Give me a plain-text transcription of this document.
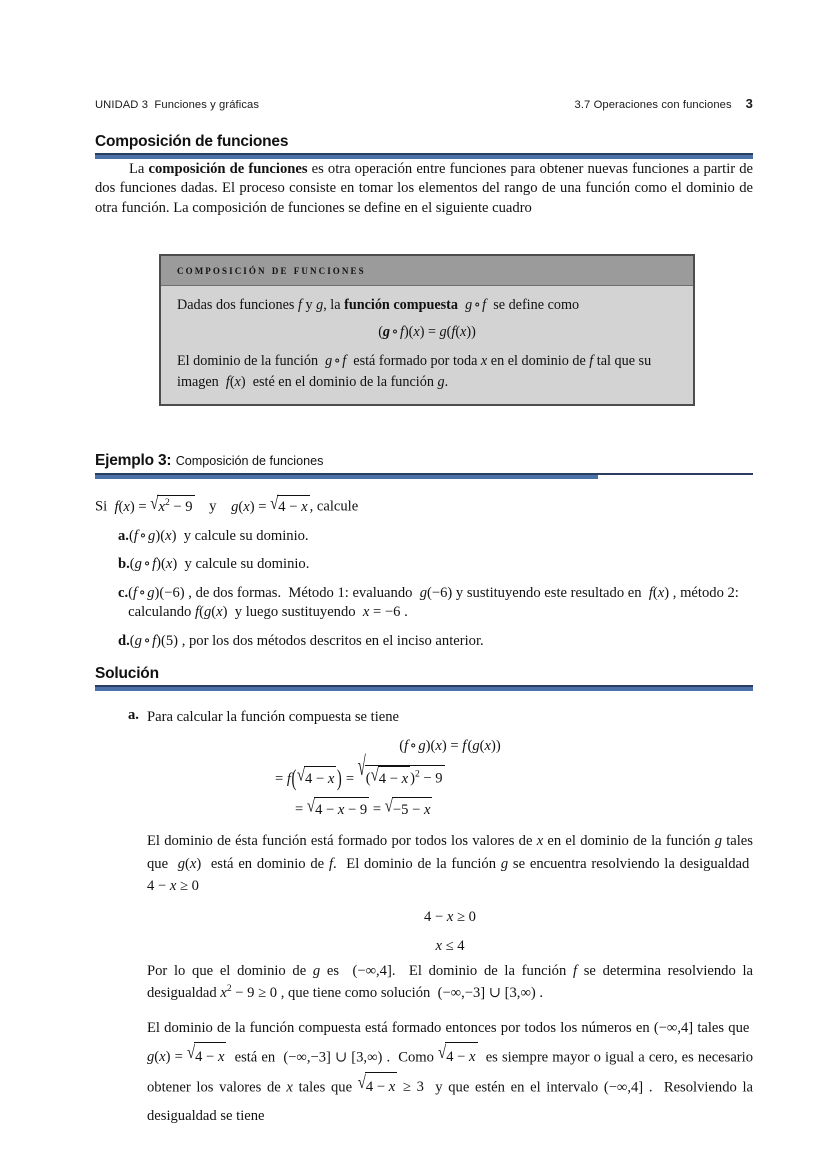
UNIDAD 3  Funciones y gráficas	3.7 Operaciones con funciones 3
Composición de funciones

La composición de funciones es otra operación entre funciones para obtener nuevas funciones a partir de dos funciones dadas. El proceso consiste en tomar los elementos del rango de una función como el dominio de otra función. La composición de funciones se define en el siguiente cuadro

composición de funciones

Dadas dos funciones f y g, la función compuesta g ∘ f se define como

(g ∘ f)(x) = g(f(x))

El dominio de la función  g ∘ f  está formado por toda x en el dominio de f tal que su imagen  f(x)  esté en el dominio de la función g.

Ejemplo 3: Composición de funciones
Si $f(x) = √x^2 - 9$ y g(x) = √4 − x , calcule
a. (f ∘ g)(x)  y calcule su dominio.
b. (g ∘ f)(x)  y calcule su dominio.
c. (f ∘ g)(−6) , de dos formas.  Método 1: evaluando  g(−6) y sustituyendo este resultado en  f(x) , método 2: calculando f(g(x)  y luego sustituyendo  x = −6 .
d. (g ∘ f)(5) , por los dos métodos descritos en el inciso anterior.
Solución
a. Para calcular la función compuesta se tiene

(f ∘ g)(x) = f (g(x))
= f(√4 − x ) = √(√4 − x )$^2$ − 9
= √4 − x − 9 = √−5 − x

El dominio de ésta función está formado por todos los valores de x en el dominio de la función g tales que  g(x)  está en dominio de f.  El dominio de la función g se encuentra resolviendo la desigualdad  4 − x ≥ 0

4 − x ≥ 0
x ≤ 4

Por lo que el dominio de g es  (−∞,4].  El dominio de la función f se determina resolviendo la desigualdad $x^2 - 9 \ge 0$ , que tiene como solución  (−∞,−3] ∪ [3,∞) .

El dominio de la función compuesta está formado entonces por todos los números en (−∞,4] tales que  g(x) = √4 − x  está en  (−∞,−3] ∪ [3,∞) .  Como √4 − x  es siempre mayor o igual a cero, es necesario obtener los valores de x tales que √4 − x ≥ 3  y que estén en el intervalo (−∞,4] .  Resolviendo la desigualdad se tiene
